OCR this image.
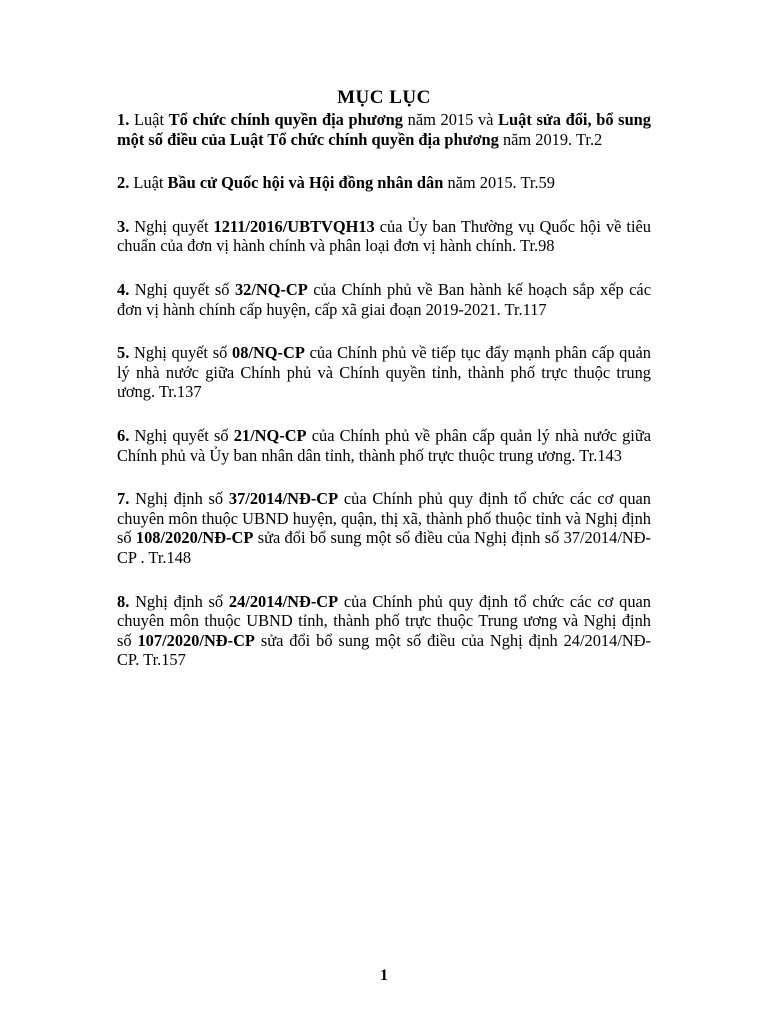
MỤC LỤC

1. Luật Tổ chức chính quyền địa phương năm 2015 và Luật sửa đổi, bổ sung một số điều của Luật Tổ chức chính quyền địa phương năm 2019. Tr.2

2. Luật Bầu cử Quốc hội và Hội đồng nhân dân năm 2015. Tr.59

3. Nghị quyết 1211/2016/UBTVQH13 của Ủy ban Thường vụ Quốc hội về tiêu chuẩn của đơn vị hành chính và phân loại đơn vị hành chính. Tr.98

4. Nghị quyết số 32/NQ-CP của Chính phủ về Ban hành kế hoạch sắp xếp các đơn vị hành chính cấp huyện, cấp xã giai đoạn 2019-2021. Tr.117

5. Nghị quyết số 08/NQ-CP của Chính phủ về tiếp tục đẩy mạnh phân cấp quản lý nhà nước giữa Chính phủ và Chính quyền tỉnh, thành phố trực thuộc trung ương. Tr.137

6. Nghị quyết số 21/NQ-CP của Chính phủ về phân cấp quản lý nhà nước giữa Chính phủ và Ủy ban nhân dân tỉnh, thành phố trực thuộc trung ương. Tr.143

7. Nghị định số 37/2014/NĐ-CP của Chính phủ quy định tổ chức các cơ quan chuyên môn thuộc UBND huyện, quận, thị xã, thành phố thuộc tỉnh và Nghị định số 108/2020/NĐ-CP sửa đổi bổ sung một số điều của Nghị định số 37/2014/NĐ-CP . Tr.148

8. Nghị định số 24/2014/NĐ-CP của Chính phủ quy định tổ chức các cơ quan chuyên môn thuộc UBND tỉnh, thành phố trực thuộc Trung ương và Nghị định số 107/2020/NĐ-CP sửa đổi bổ sung một số điều của Nghị định 24/2014/NĐ-CP. Tr.157

1
